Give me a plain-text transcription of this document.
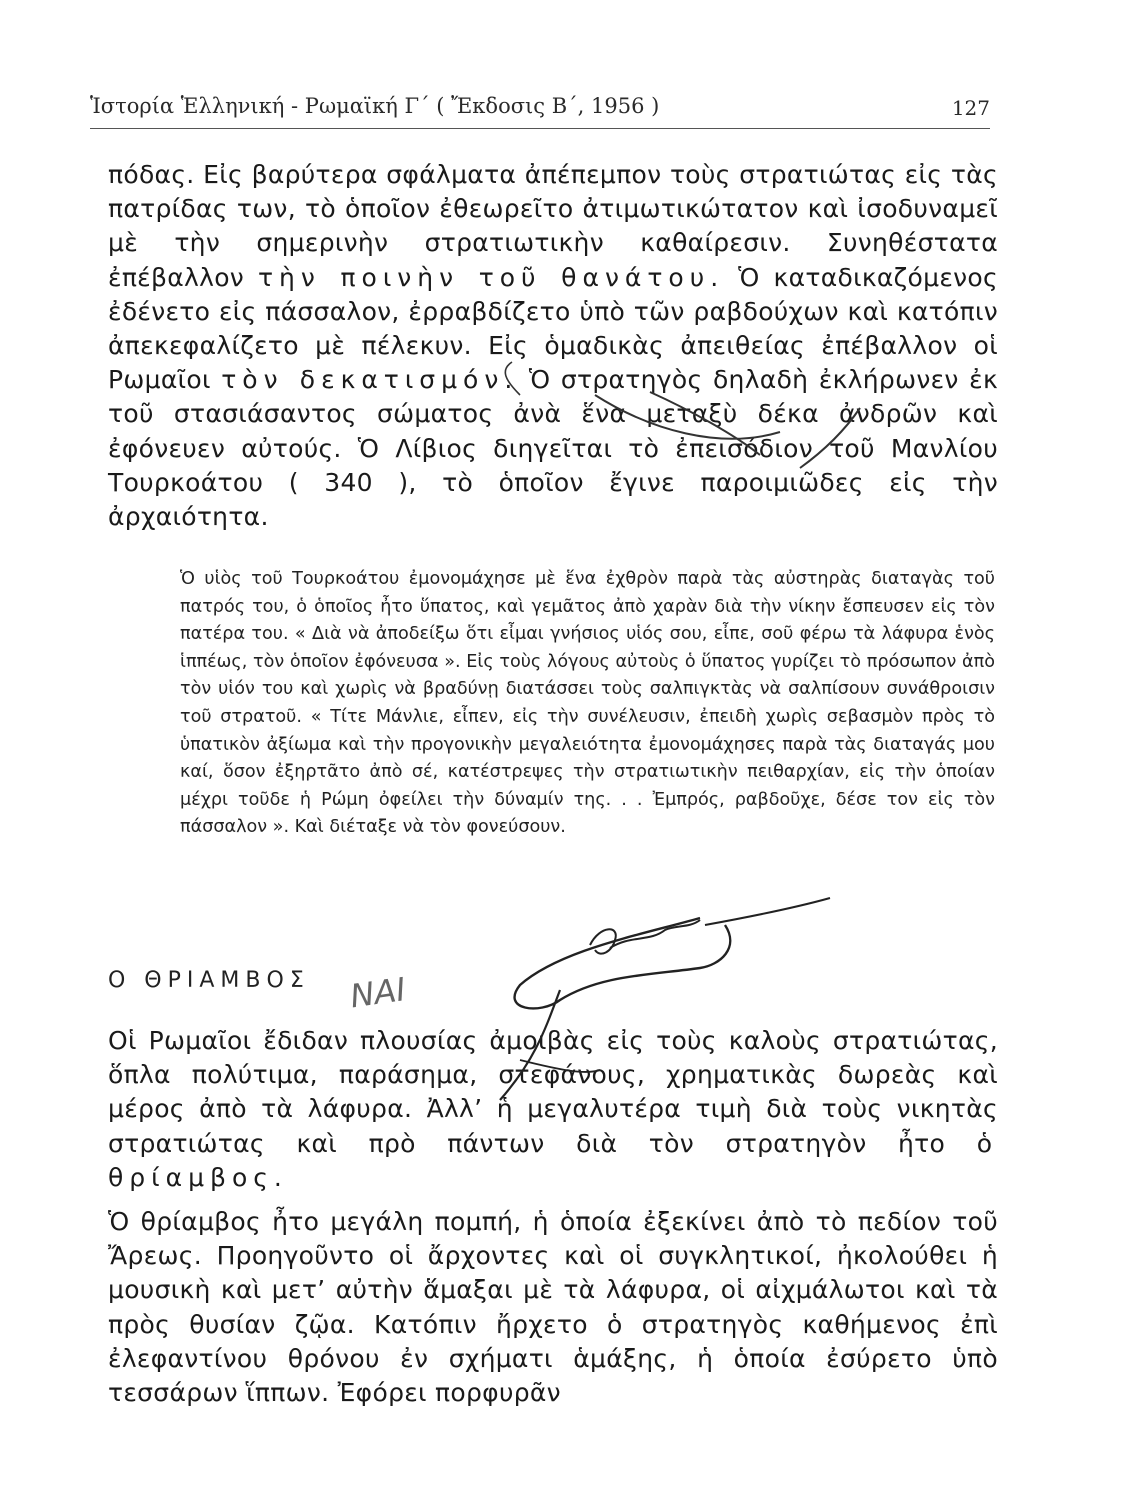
Ἱστορία Ἑλληνική - Ρωμαϊκή Γ΄ ( Ἔκδοσις Β΄, 1956 )	127

πόδας. Εἰς βαρύτερα σφάλματα ἀπέπεμπον τοὺς στρατιώτας εἰς τὰς πατρίδας των, τὸ ὁποῖον ἐθεωρεῖτο ἀτιμωτικώτατον καὶ ἰσοδυναμεῖ μὲ τὴν σημερινὴν στρατιωτικὴν καθαίρεσιν. Συνηθέστατα ἐπέβαλλον τὴν ποινὴν τοῦ θανάτου. Ὁ καταδικαζόμενος ἐδένετο εἰς πάσσαλον, ἐρραβδίζετο ὑπὸ τῶν ραβδούχων καὶ κατόπιν ἀπεκεφαλίζετο μὲ πέλεκυν. Εἰς ὁμαδικὰς ἀπειθείας ἐπέβαλλον οἱ Ρωμαῖοι τὸν δεκατισμόν. Ὁ στρατηγὸς δηλαδὴ ἐκλήρωνεν ἐκ τοῦ στασιάσαντος σώματος ἀνὰ ἕνα μεταξὺ δέκα ἀνδρῶν καὶ ἐφόνευεν αὐτούς. Ὁ Λίβιος διηγεῖται τὸ ἐπεισόδιον τοῦ Μανλίου Τουρκοάτου ( 340 ), τὸ ὁποῖον ἔγινε παροιμιῶδες εἰς τὴν ἀρχαιότητα.

Ὁ υἱὸς τοῦ Τουρκοάτου ἐμονομάχησε μὲ ἕνα ἐχθρὸν παρὰ τὰς αὐστηρὰς διαταγὰς τοῦ πατρός του, ὁ ὁποῖος ἦτο ὕπατος, καὶ γεμᾶτος ἀπὸ χαρὰν διὰ τὴν νίκην ἔσπευσεν εἰς τὸν πατέρα του. « Διὰ νὰ ἀποδείξω ὅτι εἶμαι γνήσιος υἱός σου, εἶπε, σοῦ φέρω τὰ λάφυρα ἑνὸς ἱππέως, τὸν ὁποῖον ἐφόνευσα ». Εἰς τοὺς λόγους αὐτοὺς ὁ ὕπατος γυρίζει τὸ πρόσωπον ἀπὸ τὸν υἱόν του καὶ χωρὶς νὰ βραδύνῃ διατάσσει τοὺς σαλπιγκτὰς νὰ σαλπίσουν συνάθροισιν τοῦ στρατοῦ. « Τίτε Μάνλιε, εἶπεν, εἰς τὴν συνέλευσιν, ἐπειδὴ χωρὶς σεβασμὸν πρὸς τὸ ὑπατικὸν ἀξίωμα καὶ τὴν προγονικὴν μεγαλειότητα ἐμονομάχησες παρὰ τὰς διαταγάς μου καί, ὅσον ἐξηρτᾶτο ἀπὸ σέ, κατέστρεψες τὴν στρατιωτικὴν πειθαρχίαν, εἰς τὴν ὁποίαν μέχρι τοῦδε ἡ Ρώμη ὀφείλει τὴν δύναμίν της. . . Ἐμπρός, ραβδοῦχε, δέσε τον εἰς τὸν πάσσαλον ». Καὶ διέταξε νὰ τὸν φονεύσουν.

Ο ΘΡΙΑΜΒΟΣ

Οἱ Ρωμαῖοι ἔδιδαν πλουσίας ἀμοιβὰς εἰς τοὺς καλοὺς στρατιώτας, ὅπλα πολύτιμα, παράσημα, στεφάνους, χρηματικὰς δωρεὰς καὶ μέρος ἀπὸ τὰ λάφυρα. Ἀλλ’ ἡ μεγαλυτέρα τιμὴ διὰ τοὺς νικητὰς στρατιώτας καὶ πρὸ πάντων διὰ τὸν στρατηγὸν ἦτο ὁ θρίαμβος.

Ὁ θρίαμβος ἦτο μεγάλη πομπή, ἡ ὁποία ἐξεκίνει ἀπὸ τὸ πεδίον τοῦ Ἄρεως. Προηγοῦντο οἱ ἄρχοντες καὶ οἱ συγκλητικοί, ἠκολούθει ἡ μουσικὴ καὶ μετ’ αὐτὴν ἅμαξαι μὲ τὰ λάφυρα, οἱ αἰχμάλωτοι καὶ τὰ πρὸς θυσίαν ζῷα. Κατόπιν ἤρχετο ὁ στρατηγὸς καθήμενος ἐπὶ ἐλεφαντίνου θρόνου ἐν σχήματι ἁμάξης, ἡ ὁποία ἐσύρετο ὑπὸ τεσσάρων ἵππων. Ἐφόρει πορφυρᾶν

ΝΑΙ
